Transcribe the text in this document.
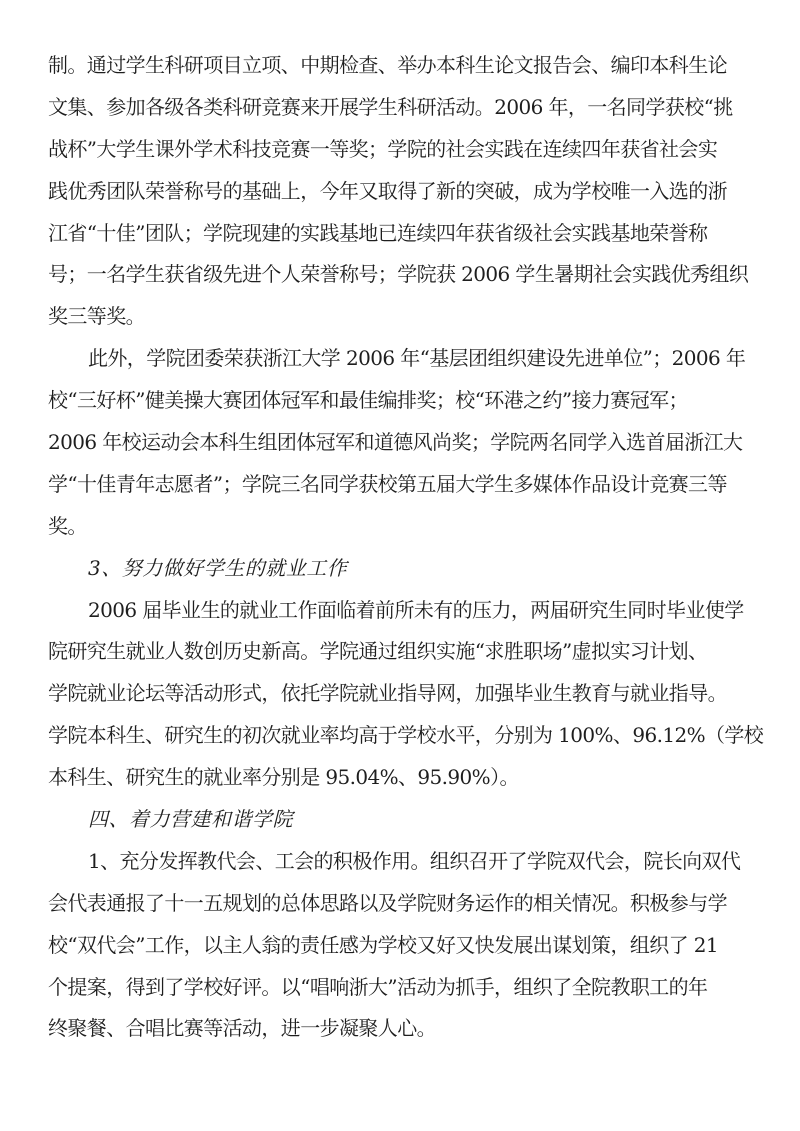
制。通过学生科研项目立项、中期检查、举办本科生论文报告会、编印本科生论
文集、参加各级各类科研竞赛来开展学生科研活动。2006 年，一名同学获校“挑
战杯”大学生课外学术科技竞赛一等奖；学院的社会实践在连续四年获省社会实
践优秀团队荣誉称号的基础上，今年又取得了新的突破，成为学校唯一入选的浙
江省“十佳”团队；学院现建的实践基地已连续四年获省级社会实践基地荣誉称
号；一名学生获省级先进个人荣誉称号；学院获 2006 学生暑期社会实践优秀组织
奖三等奖。
此外，学院团委荣获浙江大学 2006 年“基层团组织建设先进单位”；2006 年
校“三好杯”健美操大赛团体冠军和最佳编排奖；校“环港之约”接力赛冠军；
2006 年校运动会本科生组团体冠军和道德风尚奖；学院两名同学入选首届浙江大
学“十佳青年志愿者”；学院三名同学获校第五届大学生多媒体作品设计竞赛三等
奖。
3、努力做好学生的就业工作
2006 届毕业生的就业工作面临着前所未有的压力，两届研究生同时毕业使学
院研究生就业人数创历史新高。学院通过组织实施“求胜职场”虚拟实习计划、
学院就业论坛等活动形式，依托学院就业指导网，加强毕业生教育与就业指导。
学院本科生、研究生的初次就业率均高于学校水平，分别为 100%、96.12%（学校
本科生、研究生的就业率分别是 95.04%、95.90%）。
四、着力营建和谐学院
1、充分发挥教代会、工会的积极作用。组织召开了学院双代会，院长向双代
会代表通报了十一五规划的总体思路以及学院财务运作的相关情况。积极参与学
校“双代会”工作，以主人翁的责任感为学校又好又快发展出谋划策，组织了 21
个提案，得到了学校好评。以“唱响浙大”活动为抓手，组织了全院教职工的年
终聚餐、合唱比赛等活动，进一步凝聚人心。
